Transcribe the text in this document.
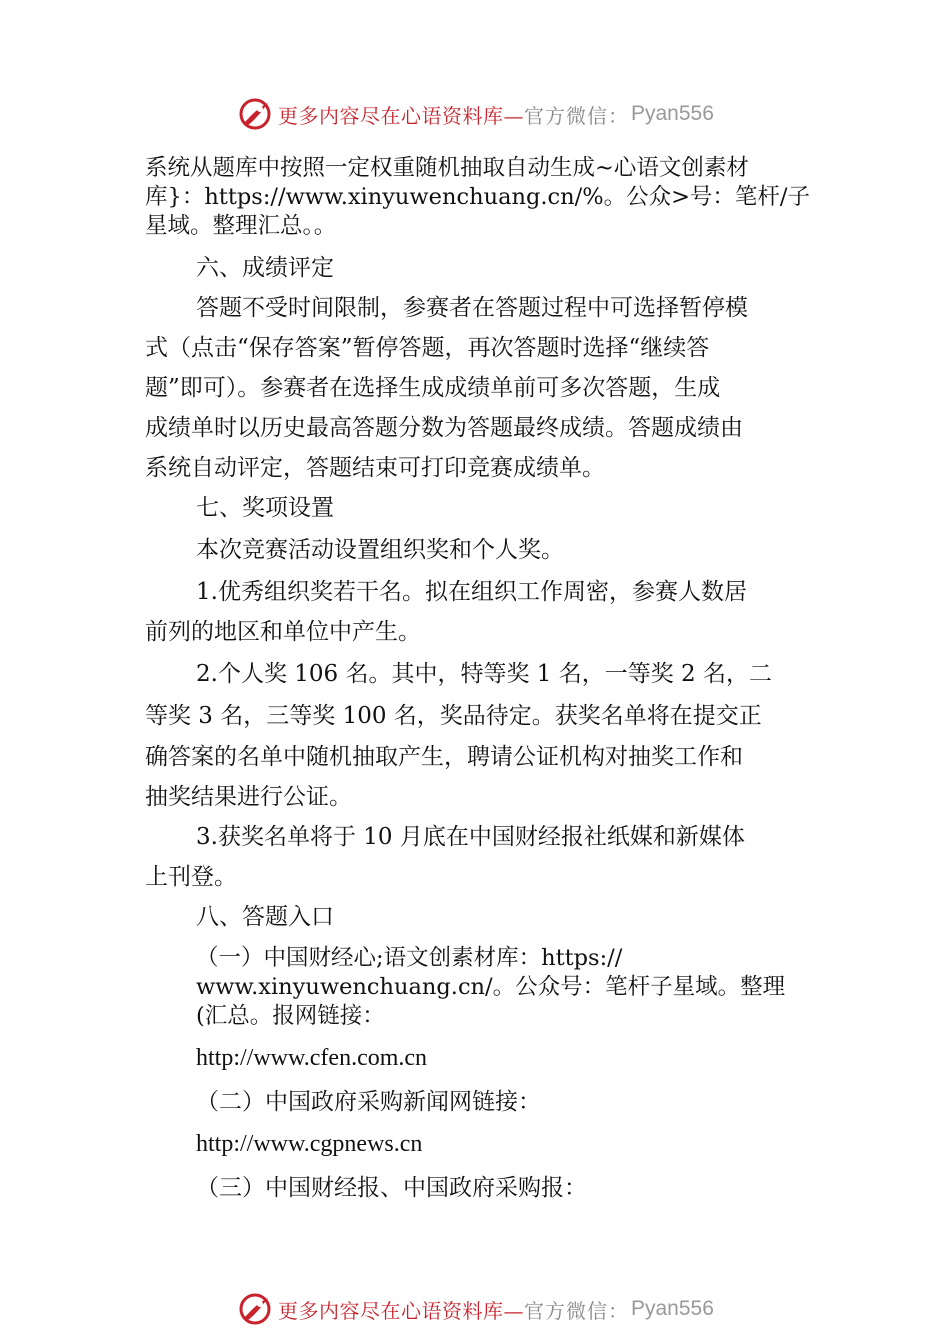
更多内容尽在心语资料库— 官方微信： Pyan556

系统从题库中按照一定权重随机抽取自动生成~心语文创素材

库}：https://www.xinyuwenchuang.cn/%。公众>号：笔杆/子

星域。整理汇总。。

六、成绩评定

答题不受时间限制，参赛者在答题过程中可选择暂停模

式（点击“保存答案”暂停答题，再次答题时选择“继续答

题”即可）。参赛者在选择生成成绩单前可多次答题，生成

成绩单时以历史最高答题分数为答题最终成绩。答题成绩由

系统自动评定，答题结束可打印竞赛成绩单。

七、奖项设置

本次竞赛活动设置组织奖和个人奖。

1.优秀组织奖若干名。拟在组织工作周密，参赛人数居

前列的地区和单位中产生。

2.个人奖 106 名。其中，特等奖 1 名，一等奖 2 名，二

等奖 3 名，三等奖 100 名，奖品待定。获奖名单将在提交正

确答案的名单中随机抽取产生，聘请公证机构对抽奖工作和

抽奖结果进行公证。

3.获奖名单将于 10 月底在中国财经报社纸媒和新媒体

上刊登。

八、答题入口

（一）中国财经心;语文创素材库：https://

www.xinyuwenchuang.cn/。公众号：笔杆子星域。整理

(汇总。报网链接：

http://www.cfen.com.cn

（二）中国政府采购新闻网链接：

http://www.cgpnews.cn

（三）中国财经报、中国政府采购报：

更多内容尽在心语资料库— 官方微信： Pyan556
